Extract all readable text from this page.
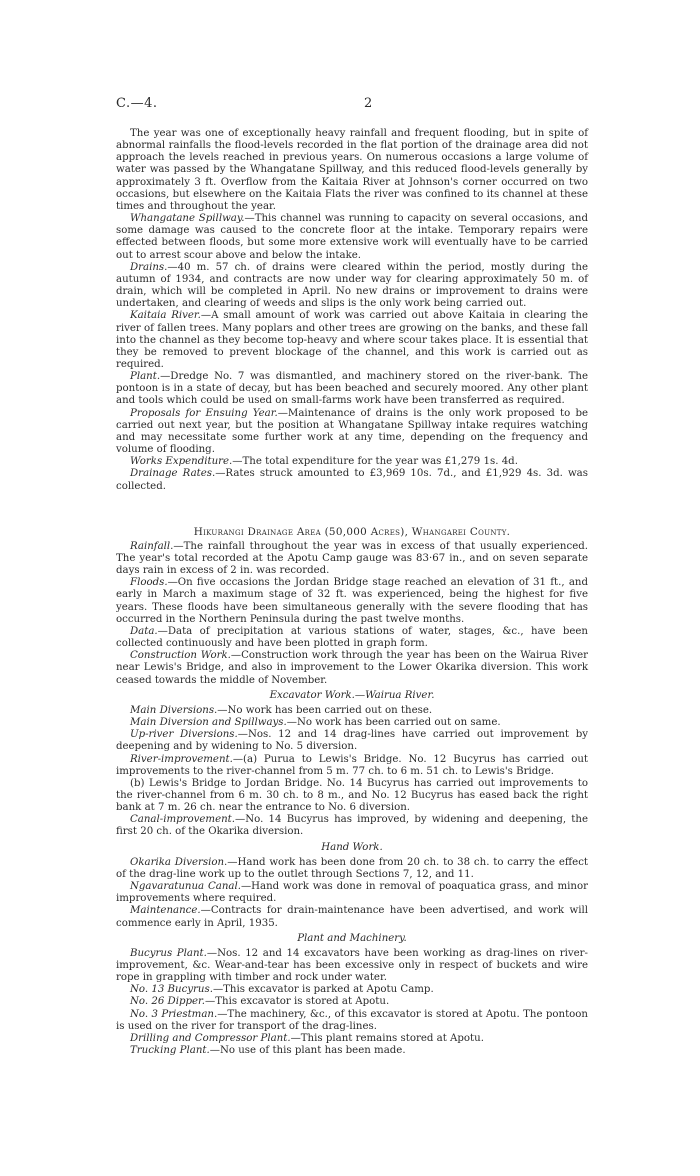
C.—4.	2

The year was one of exceptionally heavy rainfall and frequent flooding, but in spite of abnormal rainfalls the flood-levels recorded in the flat portion of the drainage area did not approach the levels reached in previous years. On numerous occasions a large volume of water was passed by the Whangatane Spillway, and this reduced flood-levels generally by approximately 3 ft. Overflow from the Kaitaia River at Johnson's corner occurred on two occasions, but elsewhere on the Kaitaia Flats the river was confined to its channel at these times and throughout the year.

Whangatane Spillway.—This channel was running to capacity on several occasions, and some damage was caused to the concrete floor at the intake. Temporary repairs were effected between floods, but some more extensive work will eventually have to be carried out to arrest scour above and below the intake.

Drains.—40 m. 57 ch. of drains were cleared within the period, mostly during the autumn of 1934, and contracts are now under way for clearing approximately 50 m. of drain, which will be completed in April. No new drains or improvement to drains were undertaken, and clearing of weeds and slips is the only work being carried out.

Kaitaia River.—A small amount of work was carried out above Kaitaia in clearing the river of fallen trees. Many poplars and other trees are growing on the banks, and these fall into the channel as they become top-heavy and where scour takes place. It is essential that they be removed to prevent blockage of the channel, and this work is carried out as required.

Plant.—Dredge No. 7 was dismantled, and machinery stored on the river-bank. The pontoon is in a state of decay, but has been beached and securely moored. Any other plant and tools which could be used on small-farms work have been transferred as required.

Proposals for Ensuing Year.—Maintenance of drains is the only work proposed to be carried out next year, but the position at Whangatane Spillway intake requires watching and may necessitate some further work at any time, depending on the frequency and volume of flooding.

Works Expenditure.—The total expenditure for the year was £1,279 1s. 4d.

Drainage Rates.—Rates struck amounted to £3,969 10s. 7d., and £1,929 4s. 3d. was collected.

Hikurangi Drainage Area (50,000 Acres), Whangarei County.

Rainfall.—The rainfall throughout the year was in excess of that usually experienced. The year's total recorded at the Apotu Camp gauge was 83·67 in., and on seven separate days rain in excess of 2 in. was recorded.

Floods.—On five occasions the Jordan Bridge stage reached an elevation of 31 ft., and early in March a maximum stage of 32 ft. was experienced, being the highest for five years. These floods have been simultaneous generally with the severe flooding that has occurred in the Northern Peninsula during the past twelve months.

Data.—Data of precipitation at various stations of water, stages, &c., have been collected continuously and have been plotted in graph form.

Construction Work.—Construction work through the year has been on the Wairua River near Lewis's Bridge, and also in improvement to the Lower Okarika diversion. This work ceased towards the middle of November.

Excavator Work.—Wairua River.

Main Diversions.—No work has been carried out on these.

Main Diversion and Spillways.—No work has been carried out on same.

Up-river Diversions.—Nos. 12 and 14 drag-lines have carried out improvement by deepening and by widening to No. 5 diversion.

River-improvement.—(a) Purua to Lewis's Bridge. No. 12 Bucyrus has carried out improvements to the river-channel from 5 m. 77 ch. to 6 m. 51 ch. to Lewis's Bridge.

(b) Lewis's Bridge to Jordan Bridge. No. 14 Bucyrus has carried out improvements to the river-channel from 6 m. 30 ch. to 8 m., and No. 12 Bucyrus has eased back the right bank at 7 m. 26 ch. near the entrance to No. 6 diversion.

Canal-improvement.—No. 14 Bucyrus has improved, by widening and deepening, the first 20 ch. of the Okarika diversion.

Hand Work.

Okarika Diversion.—Hand work has been done from 20 ch. to 38 ch. to carry the effect of the drag-line work up to the outlet through Sections 7, 12, and 11.

Ngavaratunua Canal.—Hand work was done in removal of poaquatica grass, and minor improvements where required.

Maintenance.—Contracts for drain-maintenance have been advertised, and work will commence early in April, 1935.

Plant and Machinery.

Bucyrus Plant.—Nos. 12 and 14 excavators have been working as drag-lines on river-improvement, &c. Wear-and-tear has been excessive only in respect of buckets and wire rope in grappling with timber and rock under water.

No. 13 Bucyrus.—This excavator is parked at Apotu Camp.

No. 26 Dipper.—This excavator is stored at Apotu.

No. 3 Priestman.—The machinery, &c., of this excavator is stored at Apotu. The pontoon is used on the river for transport of the drag-lines.

Drilling and Compressor Plant.—This plant remains stored at Apotu.

Trucking Plant.—No use of this plant has been made.
